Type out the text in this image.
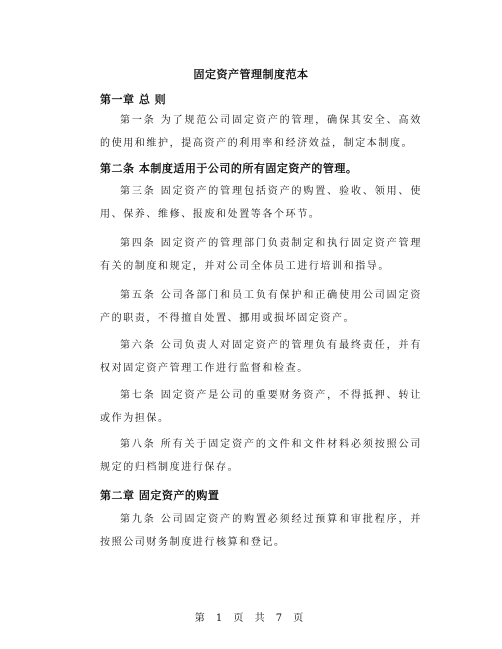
固定资产管理制度范本
第一章 总 则
第一条 为了规范公司固定资产的管理，确保其安全、高效的使用和维护，提高资产的利用率和经济效益，制定本制度。
第二条 本制度适用于公司的所有固定资产的管理。
第三条 固定资产的管理包括资产的购置、验收、领用、使用、保养、维修、报废和处置等各个环节。
第四条 固定资产的管理部门负责制定和执行固定资产管理有关的制度和规定，并对公司全体员工进行培训和指导。
第五条 公司各部门和员工负有保护和正确使用公司固定资产的职责，不得擅自处置、挪用或损坏固定资产。
第六条 公司负责人对固定资产的管理负有最终责任，并有权对固定资产管理工作进行监督和检查。
第七条 固定资产是公司的重要财务资产，不得抵押、转让或作为担保。
第八条 所有关于固定资产的文件和文件材料必须按照公司规定的归档制度进行保存。
第二章 固定资产的购置
第九条 公司固定资产的购置必须经过预算和审批程序，并按照公司财务制度进行核算和登记。
第 1 页 共 7 页
